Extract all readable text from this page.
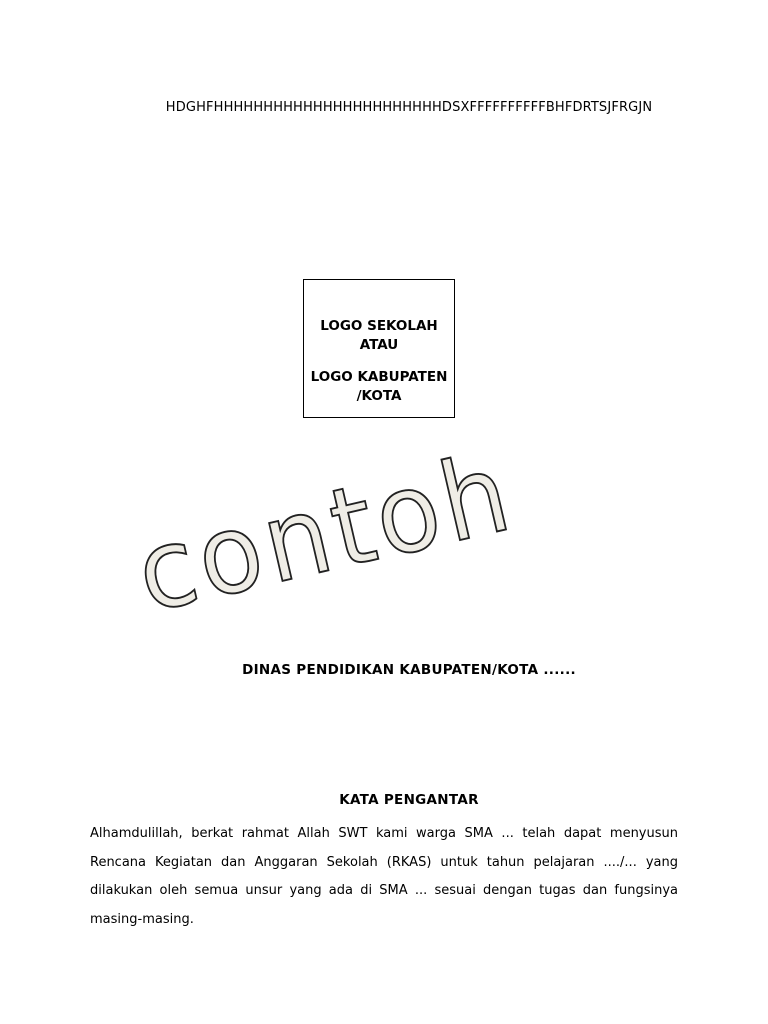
HDGHFHHHHHHHHHHHHHHHHHHHHHHHDSXFFFFFFFFFFBHFDRTSJFRGJN
LOGO SEKOLAH ATAU
LOGO KABUPATEN /KOTA
contoh
DINAS PENDIDIKAN KABUPATEN/KOTA ......
KATA PENGANTAR
Alhamdulillah, berkat rahmat Allah SWT kami warga SMA ... telah dapat menyusun Rencana Kegiatan dan Anggaran Sekolah (RKAS) untuk tahun pelajaran ..../... yang dilakukan oleh semua unsur yang ada di SMA ... sesuai dengan tugas dan fungsinya masing-masing.
